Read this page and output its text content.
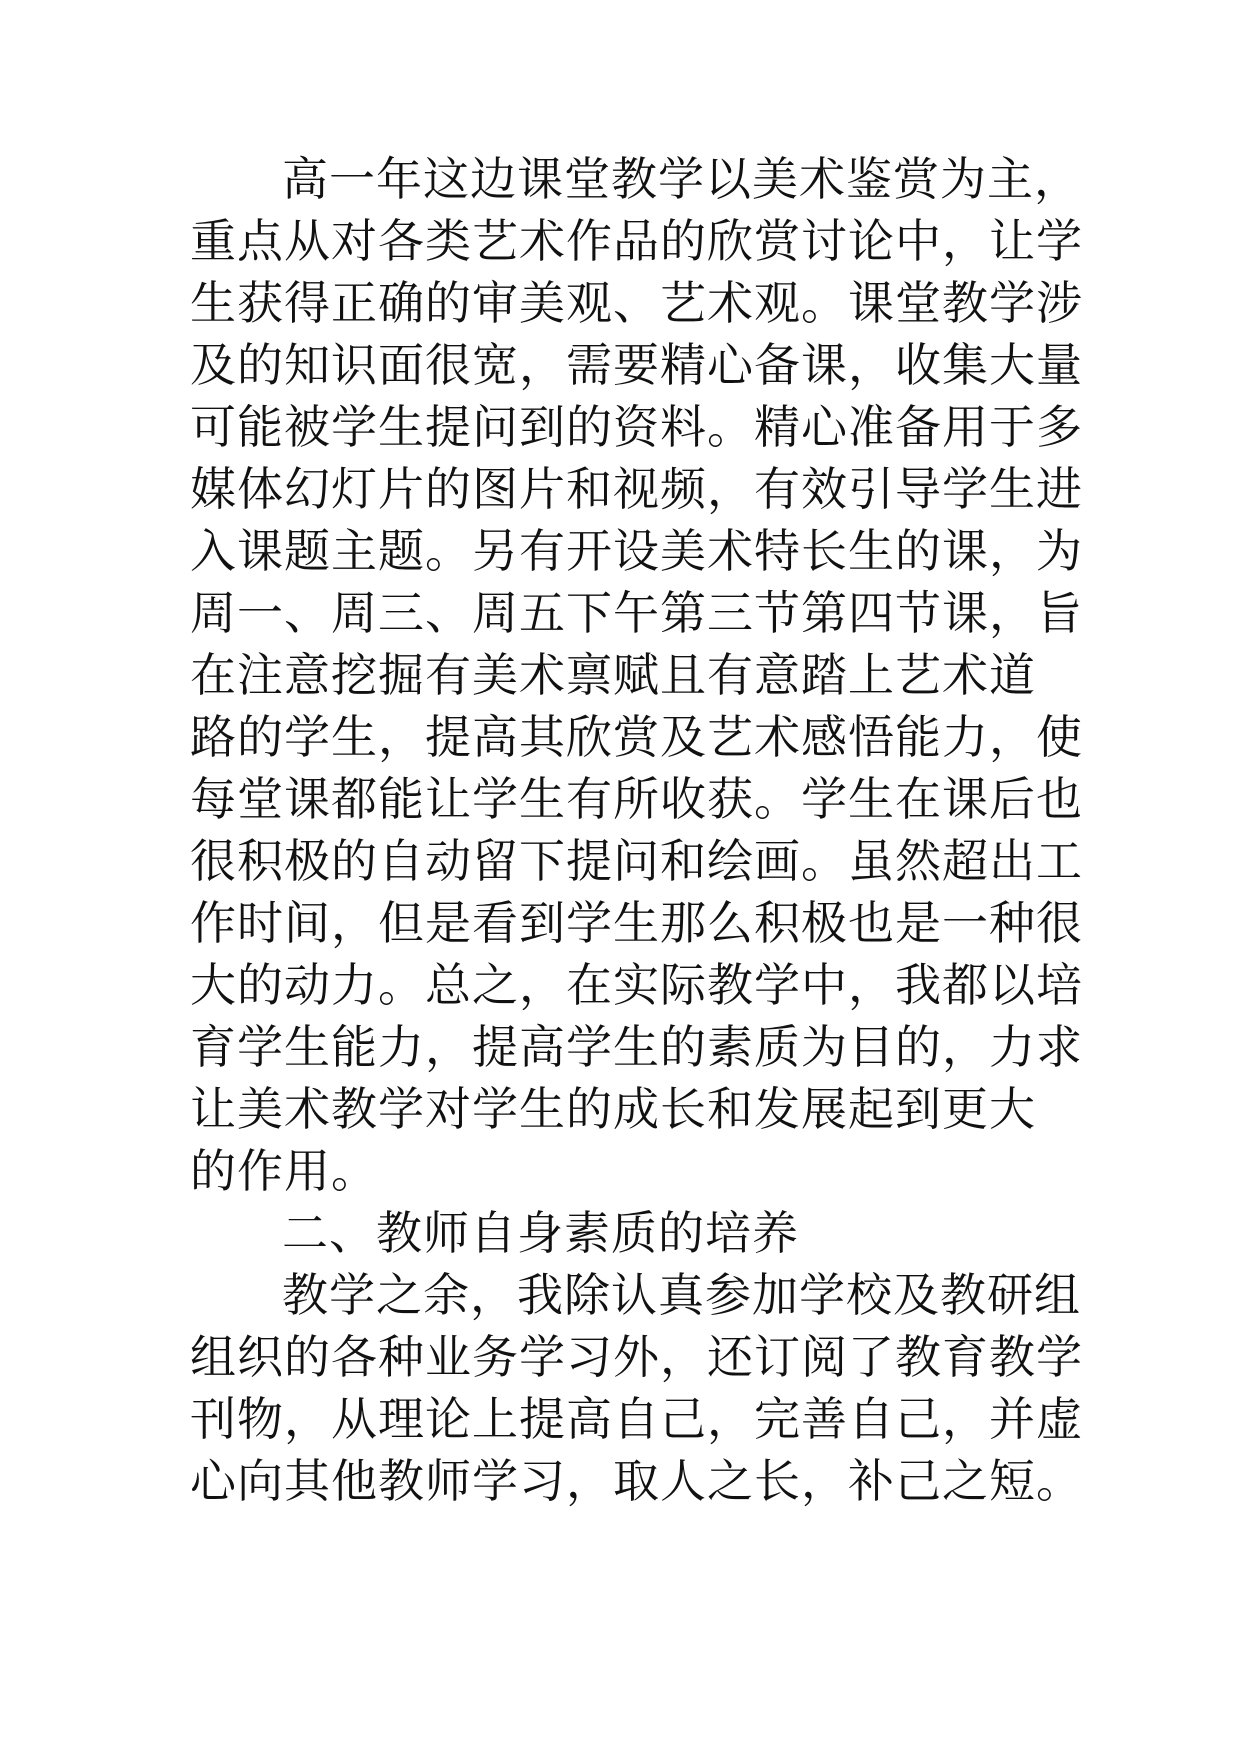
高一年这边课堂教学以美术鉴赏为主，
重点从对各类艺术作品的欣赏讨论中，让学
生获得正确的审美观、艺术观。课堂教学涉
及的知识面很宽，需要精心备课，收集大量
可能被学生提问到的资料。精心准备用于多
媒体幻灯片的图片和视频，有效引导学生进
入课题主题。另有开设美术特长生的课，为
周一、周三、周五下午第三节第四节课，旨
在注意挖掘有美术禀赋且有意踏上艺术道
路的学生，提高其欣赏及艺术感悟能力，使
每堂课都能让学生有所收获。学生在课后也
很积极的自动留下提问和绘画。虽然超出工
作时间，但是看到学生那么积极也是一种很
大的动力。总之，在实际教学中，我都以培
育学生能力，提高学生的素质为目的，力求
让美术教学对学生的成长和发展起到更大
的作用。
二、教师自身素质的培养
教学之余，我除认真参加学校及教研组
组织的各种业务学习外，还订阅了教育教学
刊物，从理论上提高自己，完善自己，并虚
心向其他教师学习，取人之长，补己之短。
